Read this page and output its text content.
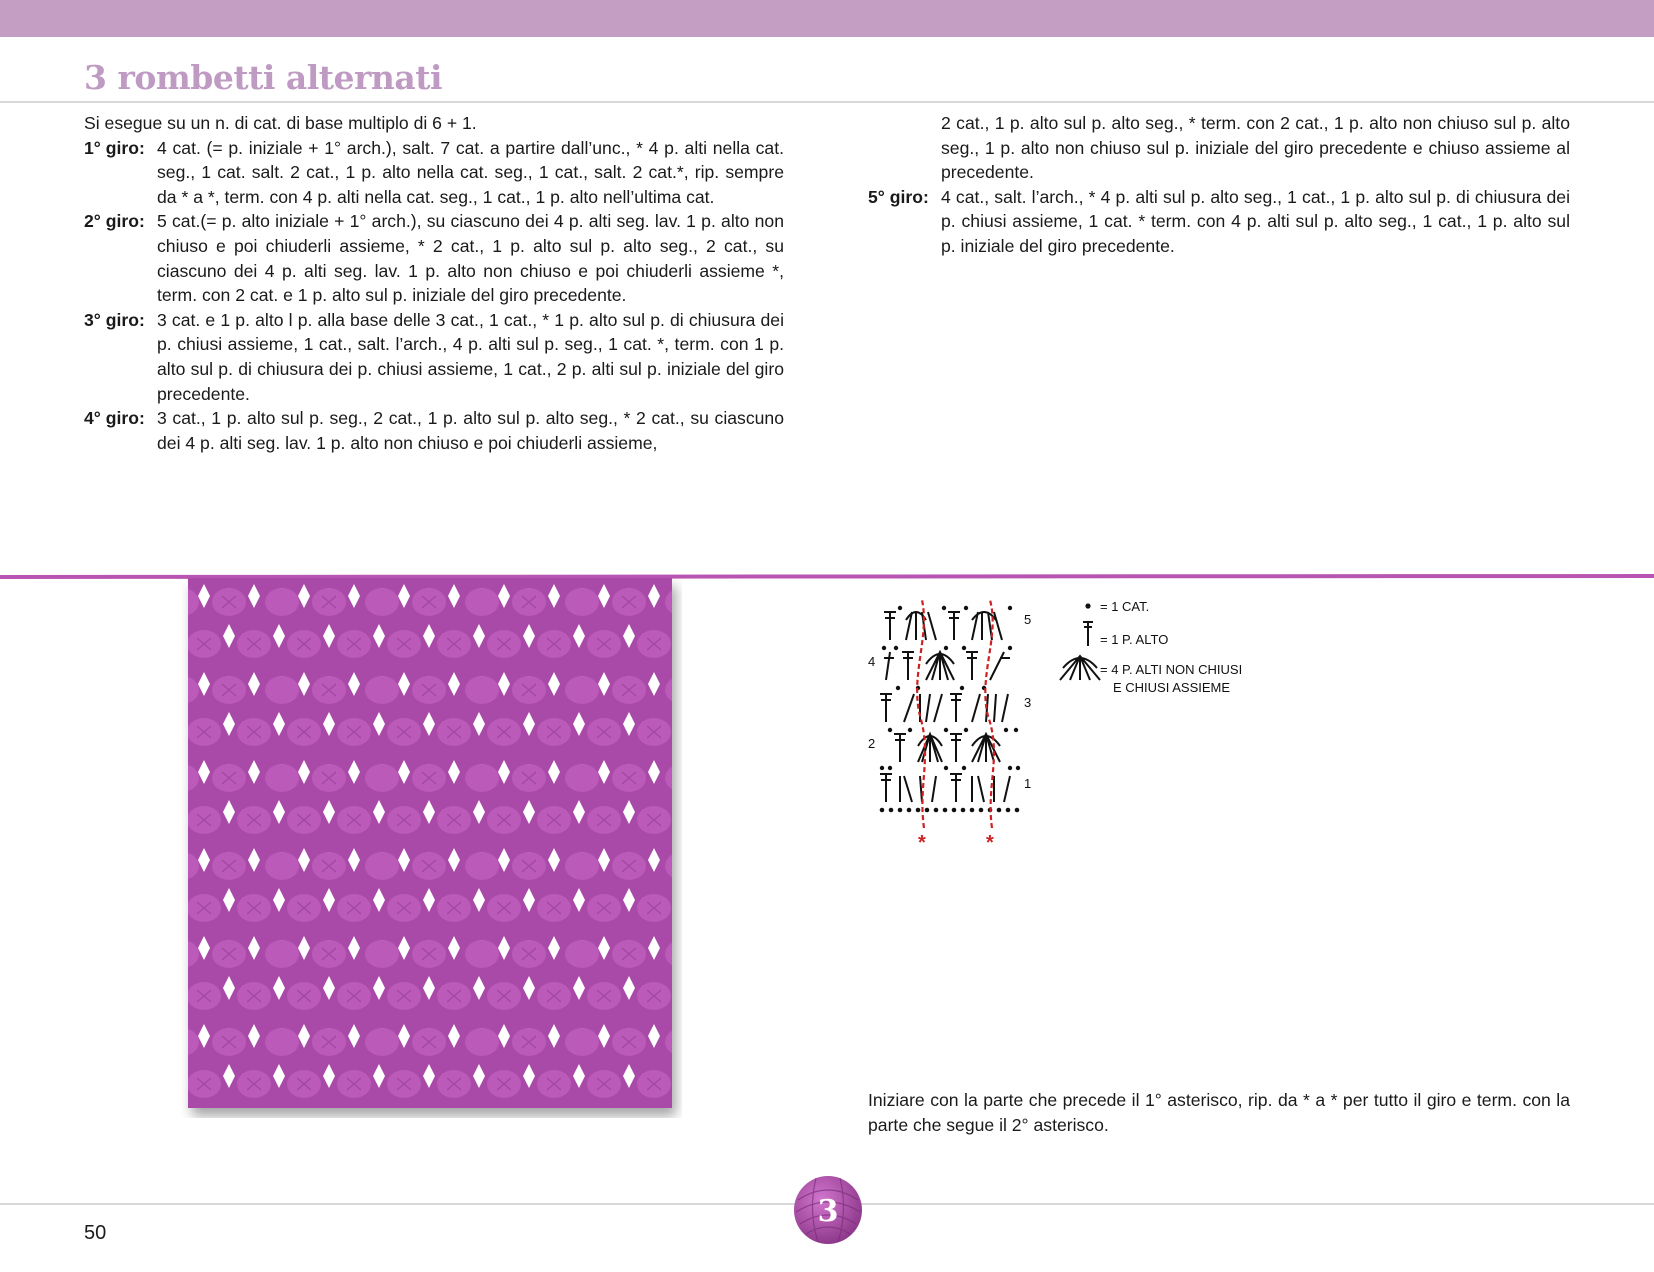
3 rombetti alternati

Si esegue su un n. di cat. di base multiplo di 6 + 1.

1° giro: 4 cat. (= p. iniziale + 1° arch.), salt. 7 cat. a partire dall’unc., * 4 p. alti nella cat. seg., 1 cat. salt. 2 cat., 1 p. alto nella cat. seg., 1 cat., salt. 2 cat.*, rip. sempre da * a *, term. con 4 p. alti nella cat. seg., 1 cat., 1 p. alto nell’ultima cat.

2° giro: 5 cat.(= p. alto iniziale + 1° arch.), su ciascuno dei 4 p. alti seg. lav. 1 p. alto non chiuso e poi chiuderli assieme, * 2 cat., 1 p. alto sul p. alto seg., 2 cat., su ciascuno dei 4 p. alti seg. lav. 1 p. alto non chiuso e poi chiuderli assieme *, term. con 2 cat. e 1 p. alto sul p. iniziale del giro precedente.

3° giro: 3 cat. e 1 p. alto l p. alla base delle 3 cat., 1 cat., * 1 p. alto sul p. di chiusura dei p. chiusi assieme, 1 cat., salt. l’arch., 4 p. alti sul p. seg., 1 cat. *, term. con 1 p. alto sul p. di chiusura dei p. chiusi assieme, 1 cat., 2 p. alti sul p. iniziale del giro precedente.

4° giro: 3 cat., 1 p. alto sul p. seg., 2 cat., 1 p. alto sul p. alto seg., * 2 cat., su ciascuno dei 4 p. alti seg. lav. 1 p. alto non chiuso e poi chiuderli assieme,

2 cat., 1 p. alto sul p. alto seg., * term. con 2 cat., 1 p. alto non chiuso sul p. alto seg., 1 p. alto non chiuso sul p. iniziale del giro precedente e chiuso assieme al precedente.

5° giro: 4 cat., salt. l’arch., * 4 p. alti sul p. alto seg., 1 cat., 1 p. alto sul p. di chiusura dei p. chiusi assieme, 1 cat. * term. con 4 p. alti sul p. alto seg., 1 cat., 1 p. alto sul p. iniziale del giro precedente.

*	*
1
2
3
4
5
= 1 CAT.
= 1 P. ALTO
= 4 P. ALTI NON CHIUSI
E CHIUSI ASSIEME

Iniziare con la parte che precede il 1° asterisco, rip. da * a * per tutto il giro e term. con la parte che segue il 2° asterisco.

50

3
